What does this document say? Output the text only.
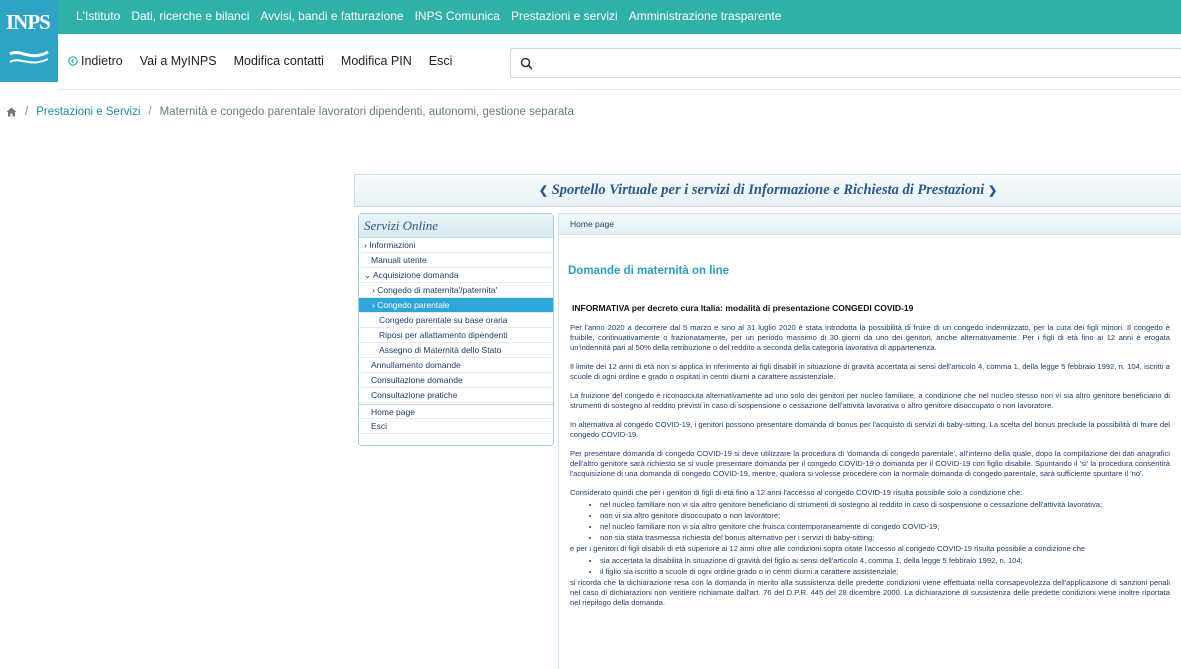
L'Istituto Dati, ricerche e bilanci Avvisi, bandi e fatturazione INPS Comunica Prestazioni e servizi Amministrazione trasparente
INPS
Indietro Vai a MyINPS Modifica contatti Modifica PIN Esci
/ Prestazioni e Servizi / Maternità e congedo parentale lavoratori dipendenti, autonomi, gestione separata
❮ Sportello Virtuale per i servizi di Informazione e Richiesta di Prestazioni ❯
Servizi Online
› Informazioni
Manuali utente
⌄ Acquisizione domanda
› Congedo di maternita'/paternita'
› Congedo parentale
Congedo parentale su base oraria
Riposi per allattamento dipendenti
Assegno di Maternità dello Stato
Annullamento domande
Consultazione domande
Consultazione pratiche
Home page
Esci
Home page
Domande di maternità on line
INFORMATIVA per decreto cura Italia: modalità di presentazione CONGEDI COVID-19

Per l'anno 2020 a decorrere dal 5 marzo e sino al 31 luglio 2020 è stata introdotta la possibilità di fruire di un congedo indennizzato, per la cura dei figli minori. Il congedo è fruibile, continuativamente o frazionatamente, per un periodo massimo di 30 giorni da uno dei genitori, anche alternativamente. Per i figli di età fino ai 12 anni è erogata un'indennità pari al 50% della retribuzione o del reddito a seconda della categoria lavorativa di appartenenza.

Il limite dei 12 anni di età non si applica in riferimento ai figli disabili in situazione di gravità accertata ai sensi dell'articolo 4, comma 1, della legge 5 febbraio 1992, n. 104, iscritti a scuole di ogni ordine e grado o ospitati in centri diurni a carattere assistenziale.

La fruizione del congedo è riconosciuta alternativamente ad uno solo dei genitori per nucleo familiare, a condizione che nel nucleo stesso non vi sia altro genitore beneficiario di strumenti di sostegno al reddito previsti in caso di sospensione o cessazione dell'attività lavorativa o altro genitore disoccupato o non lavoratore.

In alternativa al congedo COVID-19, i genitori possono presentare domanda di bonus per l'acquisto di servizi di baby-sitting. La scelta del bonus preclude la possibilità di fruire del congedo COVID-19.

Per presentare domanda di congedo COVID-19 si deve utilizzare la procedura di 'domanda di congedo parentale', all'interno della quale, dopo la compilazione dei dati anagrafici dell'altro genitore sarà richiesto se si vuole presentare domanda per il congedo COVID-19 o domanda per il COVID-19 con figlio disabile. Spuntando il 'si' la procedura consentirà l'acquisizione di una domanda di congedo COVID-19, mentre, qualora si volesse procedere con la normale domanda di congedo parentale, sarà sufficiente spuntare il 'no'.

Considerato quindi che per i genitori di figli di età fino a 12 anni l'accesso al congedo COVID-19 risulta possibile solo a condizione che:

• nel nucleo familiare non vi sia altro genitore beneficiario di strumenti di sostegno al reddito in caso di sospensione o cessazione dell'attività lavorativa;
• non vi sia altro genitore disoccupato o non lavoratore;
• nel nucleo familiare non vi sia altro genitore che fruisca contemporaneamente di congedo COVID-19;
• non sia stata trasmessa richiesta del bonus alternativo per i servizi di baby-sitting;

e per i genitori di figli disabili di età superiore ai 12 anni oltre alle condizioni sopra citate l'accesso al congedo COVID-19 risulta possibile a condizione che

• sia accertata la disabilità in situazione di gravità del figlio ai sensi dell'articolo 4, comma 1, della legge 5 febbraio 1992, n. 104;
• il figlio sia iscritto a scuole di ogni ordine grado o in centri diurni a carattere assistenziale;

si ricorda che la dichiarazione resa con la domanda in merito alla sussistenza delle predette condizioni viene effettuata nella consapevolezza dell'applicazione di sanzioni penali nel caso di dichiarazioni non veritiere richiamate dall'art. 76 del D.P.R. 445 del 28 dicembre 2000. La dichiarazione di sussistenza delle predette condizioni viene inoltre riportata nel riepilogo della domanda.
